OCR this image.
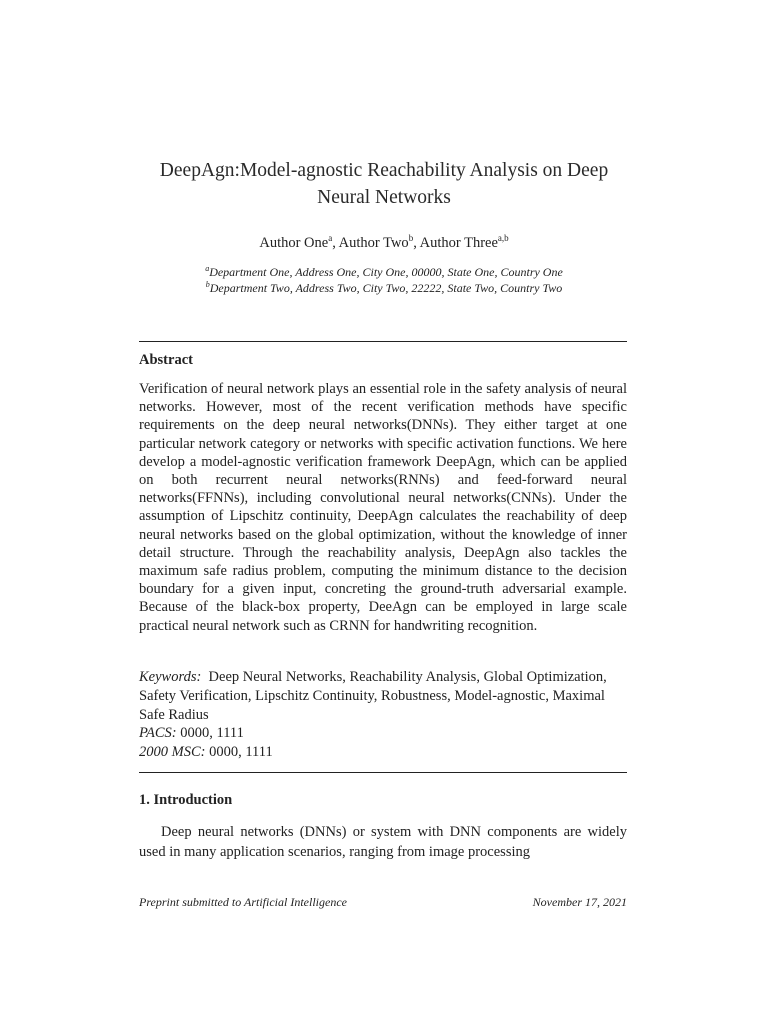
DeepAgn:Model-agnostic Reachability Analysis on Deep
Neural Networks
Author One$^a$, Author Two$^b$, Author Three$^{a,b}$
$^a$Department One, Address One, City One, 00000, State One, Country One
$^b$Department Two, Address Two, City Two, 22222, State Two, Country Two
Abstract
Verification of neural network plays an essential role in the safety analysis of neural networks. However, most of the recent verification methods have specific requirements on the deep neural networks(DNNs). They either target at one particular network category or networks with specific activation functions. We here develop a model-agnostic verification framework DeepAgn, which can be applied on both recurrent neural networks(RNNs) and feed-forward neural networks(FFNNs), including convolutional neural networks(CNNs). Under the assumption of Lipschitz continuity, DeepAgn calculates the reachability of deep neural networks based on the global optimization, without the knowledge of inner detail structure. Through the reachability analysis, DeepAgn also tackles the maximum safe radius problem, computing the minimum distance to the decision boundary for a given input, concreting the ground-truth adversarial example. Because of the black-box property, DeeAgn can be employed in large scale practical neural network such as CRNN for handwriting recognition.
Keywords: Deep Neural Networks, Reachability Analysis, Global Optimization, Safety Verification, Lipschitz Continuity, Robustness, Model-agnostic, Maximal Safe Radius
PACS: 0000, 1111
2000 MSC: 0000, 1111
1. Introduction
Deep neural networks (DNNs) or system with DNN components are widely used in many application scenarios, ranging from image processing
Preprint submitted to Artificial Intelligence	November 17, 2021
